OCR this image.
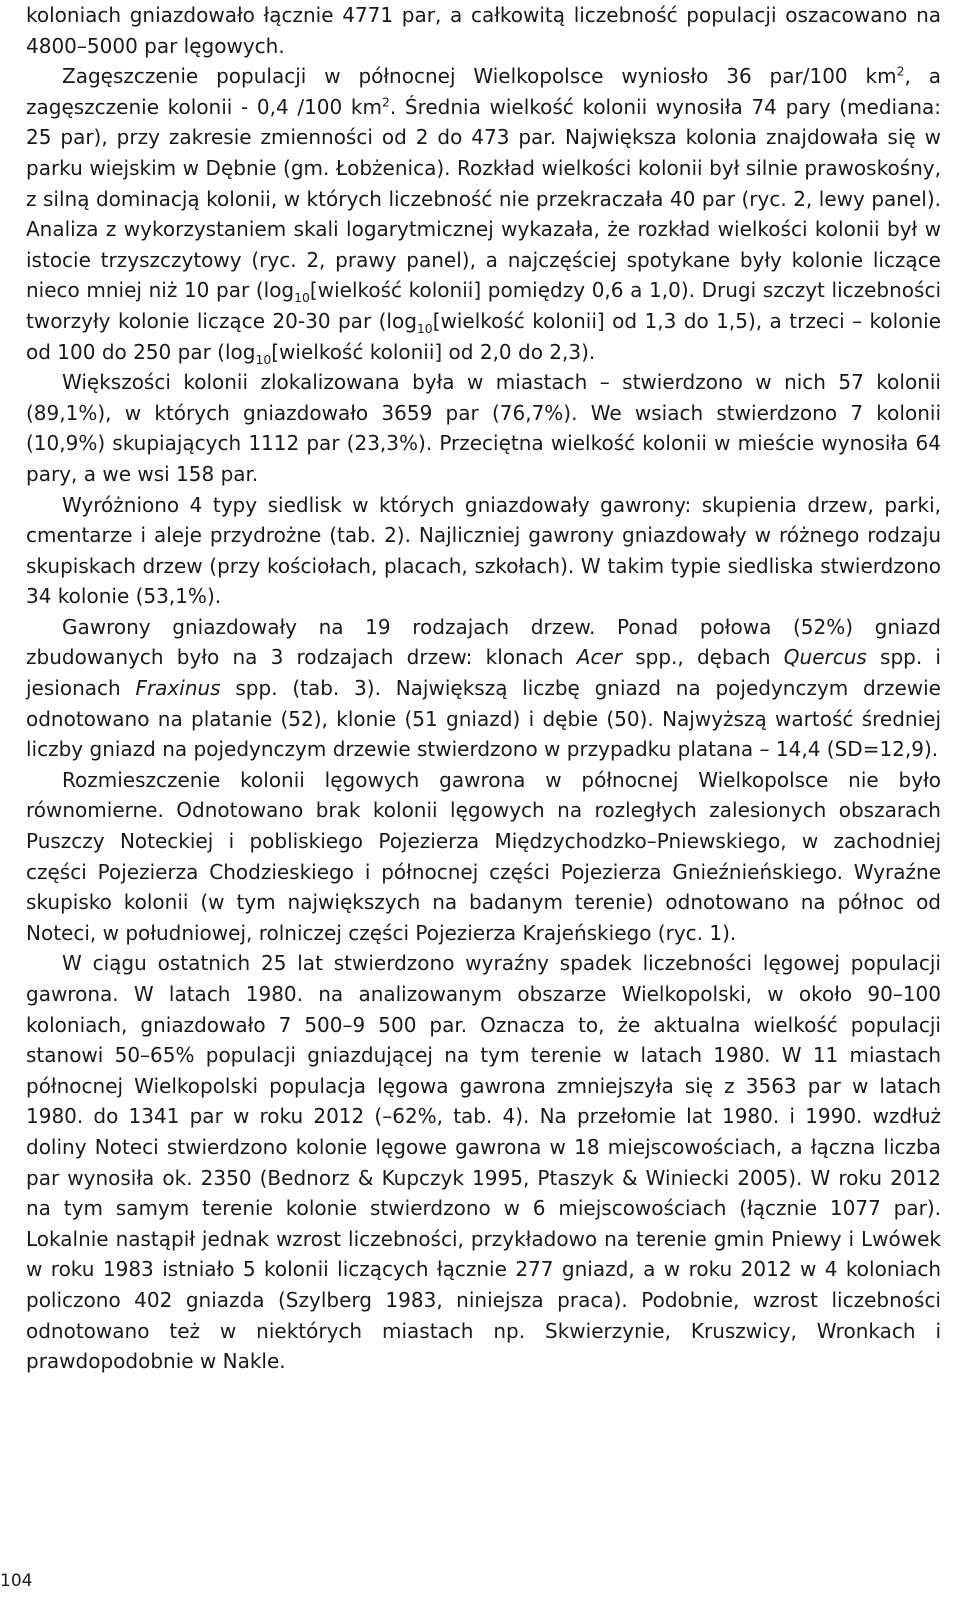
koloniach gniazdowało łącznie 4771 par, a całkowitą liczebność populacji oszacowano na 4800–5000 par lęgowych.

Zagęszczenie populacji w północnej Wielkopolsce wyniosło 36 par/100 $km^2$, a zagęszczenie kolonii - 0,4 /100 $km^2$. Średnia wielkość kolonii wynosiła 74 pary (mediana: 25 par), przy zakresie zmienności od 2 do 473 par. Największa kolonia znajdowała się w parku wiejskim w Dębnie (gm. Łobżenica). Rozkład wielkości kolonii był silnie prawoskośny, z silną dominacją kolonii, w których liczebność nie przekraczała 40 par (ryc. 2, lewy panel). Analiza z wykorzystaniem skali logarytmicznej wykazała, że rozkład wielkości kolonii był w istocie trzyszczytowy (ryc. 2, prawy panel), a najczęściej spotykane były kolonie liczące nieco mniej niż 10 par ($\log_{10}[wielkość$ kolonii] pomiędzy 0,6 a 1,0). Drugi szczyt liczebności tworzyły kolonie liczące 20-30 par ($\log_{10}[wielkość$ kolonii] od 1,3 do 1,5), a trzeci – kolonie od 100 do 250 par ($\log_{10}[wielkość$ kolonii] od 2,0 do 2,3).

Większości kolonii zlokalizowana była w miastach – stwierdzono w nich 57 kolonii (89,1%), w których gniazdowało 3659 par (76,7%). We wsiach stwierdzono 7 kolonii (10,9%) skupiających 1112 par (23,3%). Przeciętna wielkość kolonii w mieście wynosiła 64 pary, a we wsi 158 par.

Wyróżniono 4 typy siedlisk w których gniazdowały gawrony: skupienia drzew, parki, cmentarze i aleje przydrożne (tab. 2). Najliczniej gawrony gniazdowały w różnego rodzaju skupiskach drzew (przy kościołach, placach, szkołach). W takim typie siedliska stwierdzono 34 kolonie (53,1%).

Gawrony gniazdowały na 19 rodzajach drzew. Ponad połowa (52%) gniazd zbudowanych było na 3 rodzajach drzew: klonach Acer spp., dębach Quercus spp. i jesionach Fraxinus spp. (tab. 3). Największą liczbę gniazd na pojedynczym drzewie odnotowano na platanie (52), klonie (51 gniazd) i dębie (50). Najwyższą wartość średniej liczby gniazd na pojedynczym drzewie stwierdzono w przypadku platana – 14,4 (SD=12,9).

Rozmieszczenie kolonii lęgowych gawrona w północnej Wielkopolsce nie było równomierne. Odnotowano brak kolonii lęgowych na rozległych zalesionych obszarach Puszczy Noteckiej i pobliskiego Pojezierza Międzychodzko–Pniewskiego, w zachodniej części Pojezierza Chodzieskiego i północnej części Pojezierza Gnieźnieńskiego. Wyraźne skupisko kolonii (w tym największych na badanym terenie) odnotowano na północ od Noteci, w południowej, rolniczej części Pojezierza Krajeńskiego (ryc. 1).

W ciągu ostatnich 25 lat stwierdzono wyraźny spadek liczebności lęgowej populacji gawrona. W latach 1980. na analizowanym obszarze Wielkopolski, w około 90–100 koloniach, gniazdowało 7 500–9 500 par. Oznacza to, że aktualna wielkość populacji stanowi 50–65% populacji gniazdującej na tym terenie w latach 1980. W 11 miastach północnej Wielkopolski populacja lęgowa gawrona zmniejszyła się z 3563 par w latach 1980. do 1341 par w roku 2012 (–62%, tab. 4). Na przełomie lat 1980. i 1990. wzdłuż doliny Noteci stwierdzono kolonie lęgowe gawrona w 18 miejscowościach, a łączna liczba par wynosiła ok. 2350 (Bednorz & Kupczyk 1995, Ptaszyk & Winiecki 2005). W roku 2012 na tym samym terenie kolonie stwierdzono w 6 miejscowościach (łącznie 1077 par). Lokalnie nastąpił jednak wzrost liczebności, przykładowo na terenie gmin Pniewy i Lwówek w roku 1983 istniało 5 kolonii liczących łącznie 277 gniazd, a w roku 2012 w 4 koloniach policzono 402 gniazda (Szylberg 1983, niniejsza praca). Podobnie, wzrost liczebności odnotowano też w niektórych miastach np. Skwierzynie, Kruszwicy, Wronkach i prawdopodobnie w Nakle.

104
